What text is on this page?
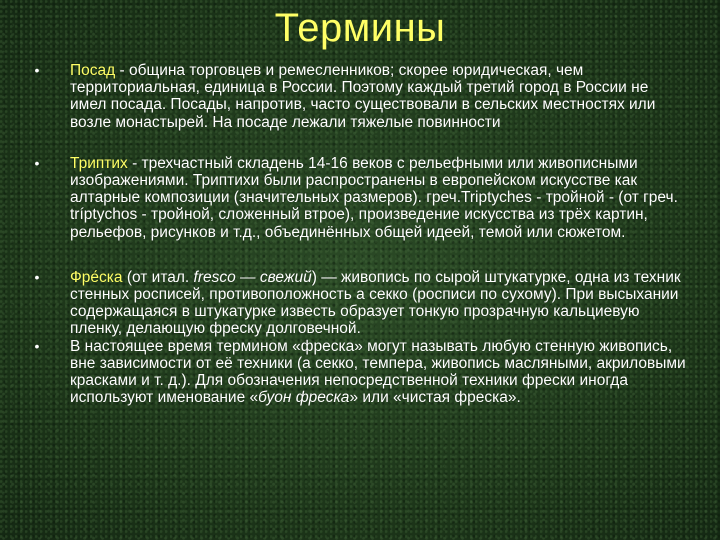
Термины
• Посад - община торговцев и ремесленников; скорее юридическая, чем территориальная, единица в России. Поэтому каждый третий город в России не имел посада. Посады, напротив, часто существовали в сельских местностях или возле монастырей. На посаде лежали тяжелые повинности
• Триптих - трехчастный складень 14-16 веков с рельефными или живописными изображениями. Триптихи были распространены в европейском искусстве как алтарные композиции (значительных размеров). греч.Triptyches - тройной - (от греч. tríptychos - тройной, сложенный втрое), произведение искусства из трёх картин, рельефов, рисунков и т.д., объединённых общей идеей, темой или сюжетом.
• Фре́ска (от итал. fresco — свежий) — живопись по сырой штукатурке, одна из техник стенных росписей, противоположность а секко (росписи по сухому). При высыхании содержащаяся в штукатурке известь образует тонкую прозрачную кальциевую пленку, делающую фреску долговечной.
• В настоящее время термином «фреска» могут называть любую стенную живопись, вне зависимости от её техники (а секко, темпера, живопись масляными, акриловыми красками и т. д.). Для обозначения непосредственной техники фрески иногда используют именование «буон фреска» или «чистая фреска».
